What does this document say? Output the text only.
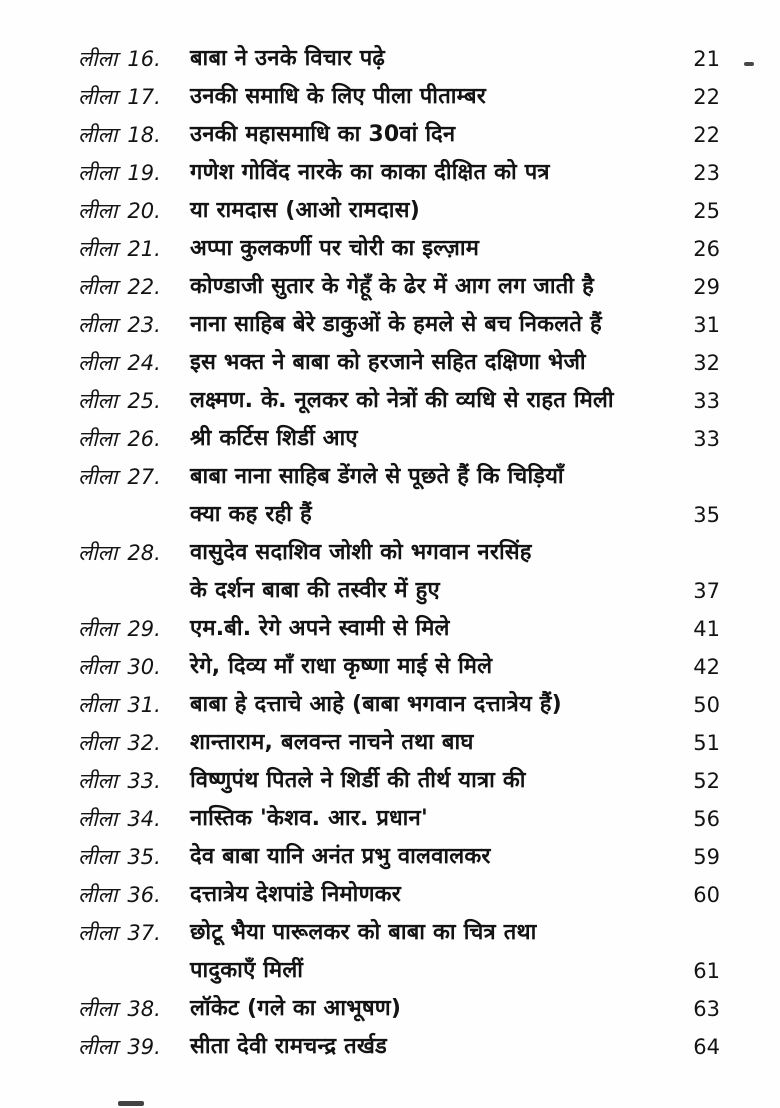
लीला 16. बाबा ने उनके विचार पढ़े	21
लीला 17. उनकी समाधि के लिए पीला पीताम्बर	22
लीला 18. उनकी महासमाधि का 30वां दिन	22
लीला 19. गणेश गोविंद नारके का काका दीक्षित को पत्र	23
लीला 20. या रामदास (आओ रामदास)	25
लीला 21. अप्पा कुलकर्णी पर चोरी का इल्ज़ाम	26
लीला 22. कोण्डाजी सुतार के गेहूँ के ढेर में आग लग जाती है	29
लीला 23. नाना साहिब बेरे डाकुओं के हमले से बच निकलते हैं	31
लीला 24. इस भक्त ने बाबा को हरजाने सहित दक्षिणा भेजी	32
लीला 25. लक्ष्मण. के. नूलकर को नेत्रों की व्यधि से राहत मिली	33
लीला 26. श्री कर्टिस शिर्डी आए	33
लीला 27. बाबा नाना साहिब डेंगले से पूछते हैं कि चिड़ियाँ
क्या कह रही हैं	35
लीला 28. वासुदेव सदाशिव जोशी को भगवान नरसिंह
के दर्शन बाबा की तस्वीर में हुए	37
लीला 29. एम.बी. रेगे अपने स्वामी से मिले	41
लीला 30. रेगे, दिव्य माँ राधा कृष्णा माई से मिले	42
लीला 31. बाबा हे दत्ताचे आहे (बाबा भगवान दत्तात्रेय हैं)	50
लीला 32. शान्ताराम, बलवन्त नाचने तथा बाघ	51
लीला 33. विष्णुपंथ पितले ने शिर्डी की तीर्थ यात्रा की	52
लीला 34. नास्तिक 'केशव. आर. प्रधान'	56
लीला 35. देव बाबा यानि अनंत प्रभु वालवालकर	59
लीला 36. दत्तात्रेय देशपांडे निमोणकर	60
लीला 37. छोटू भैया पारूलकर को बाबा का चित्र तथा
पादुकाएँ मिलीं	61
लीला 38. लॉकेट (गले का आभूषण)	63
लीला 39. सीता देवी रामचन्द्र तर्खड	64
